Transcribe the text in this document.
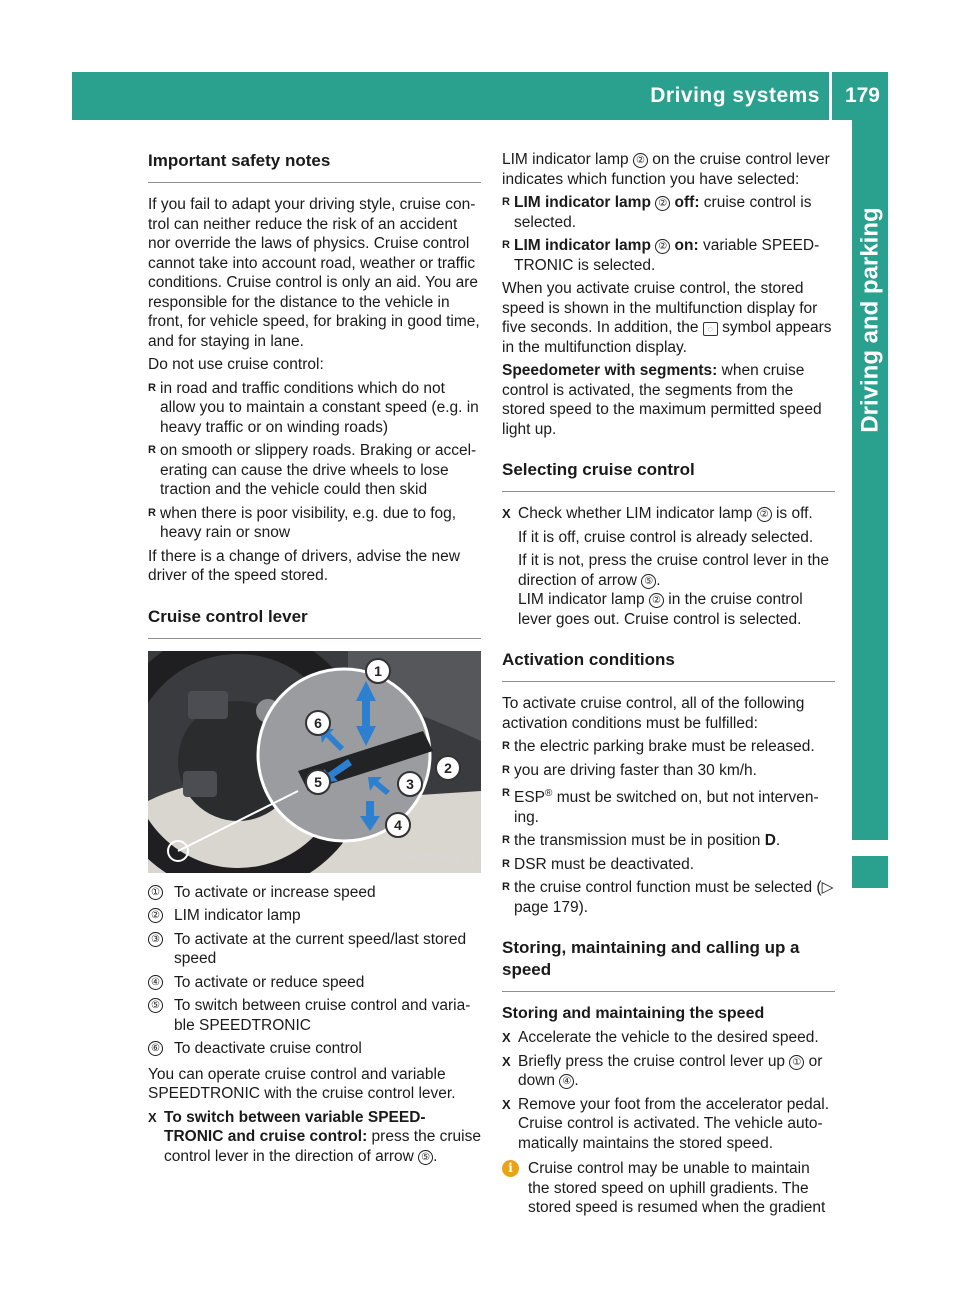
Driving systems 179
Driving and parking
Important safety notes

If you fail to adapt your driving style, cruise con- trol can neither reduce the risk of an accident nor override the laws of physics. Cruise control cannot take into account road, weather or traffic conditions. Cruise control is only an aid. You are responsible for the distance to the vehicle in front, for vehicle speed, for braking in good time, and for staying in lane.

Do not use cruise control:

R in road and traffic conditions which do not allow you to maintain a constant speed (e.g. in heavy traffic or on winding roads)
R on smooth or slippery roads. Braking or accel- erating can cause the drive wheels to lose traction and the vehicle could then skid
R when there is poor visibility, e.g. due to fog, heavy rain or snow

If there is a change of drivers, advise the new driver of the speed stored.

Cruise control lever
1
2
3
4
5
6
P54.25-9619-31
① To activate or increase speed
② LIM indicator lamp
③ To activate at the current speed/last stored speed
④ To activate or reduce speed
⑤ To switch between cruise control and varia- ble SPEEDTRONIC
⑥ To deactivate cruise control

You can operate cruise control and variable SPEEDTRONIC with the cruise control lever.

X To switch between variable SPEED- TRONIC and cruise control: press the cruise control lever in the direction of arrow ⑤ .

LIM indicator lamp ② on the cruise control lever indicates which function you have selected:

R LIM indicator lamp ② off: cruise control is selected.
R LIM indicator lamp ② on: variable SPEED- TRONIC is selected.

When you activate cruise control, the stored speed is shown in the multifunction display for five seconds. In addition, the ◌ symbol appears in the multifunction display.

Speedometer with segments: when cruise control is activated, the segments from the stored speed to the maximum permitted speed light up.

Selecting cruise control
X Check whether LIM indicator lamp ② is off.

If it is off, cruise control is already selected.

If it is not, press the cruise control lever in the direction of arrow ⑤ .
LIM indicator lamp ② in the cruise control lever goes out. Cruise control is selected.

Activation conditions

To activate cruise control, all of the following activation conditions must be fulfilled:

R the electric parking brake must be released.
R you are driving faster than 30 km/h.
R ESP® must be switched on, but not interven- ing.
R the transmission must be in position D.
R DSR must be deactivated.
R the cruise control function must be selected (▷ page 179).
Storing, maintaining and calling up a speed
Storing and maintaining the speed
X Accelerate the vehicle to the desired speed.
X Briefly press the cruise control lever up ① or down ④ .
X Remove your foot from the accelerator pedal. Cruise control is activated. The vehicle auto- matically maintains the stored speed.
i Cruise control may be unable to maintain the stored speed on uphill gradients. The stored speed is resumed when the gradient
